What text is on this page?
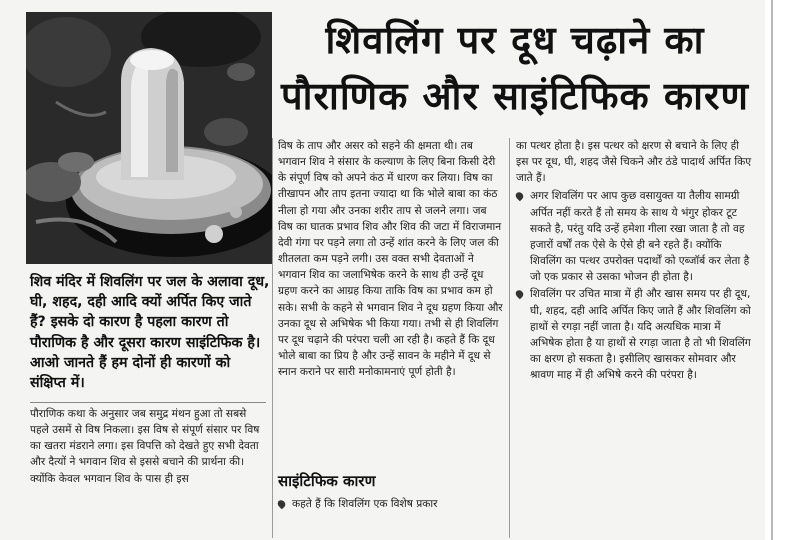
शिवलिंग पर दूध चढ़ाने का
पौराणिक और साइंटिफिक कारण
शिव मंदिर में शिवलिंग पर जल के अलावा दूध, घी, शहद, दही आदि क्यों अर्पित किए जाते हैं? इसके दो कारण है पहला कारण तो पौराणिक है और दूसरा कारण साइंटिफिक है। आओ जानते हैं हम दोनों ही कारणों को संक्षिप्त में।

पौराणिक कथा के अनुसार जब समुद्र मंथन हुआ तो सबसे पहले उसमें से विष निकला। इस विष से संपूर्ण संसार पर विष का खतरा मंडराने लगा। इस विपत्ति को देखते हुए सभी देवता और दैत्यों ने भगवान शिव से इससे बचाने की प्रार्थना की। क्योंकि केवल भगवान शिव के पास ही इस

विष के ताप और असर को सहने की क्षमता थी। तब भगवान शिव ने संसार के कल्याण के लिए बिना किसी देरी के संपूर्ण विष को अपने कंठ में धारण कर लिया। विष का तीखापन और ताप इतना ज्यादा था कि भोले बाबा का कंठ नीला हो गया और उनका शरीर ताप से जलने लगा। जब विष का घातक प्रभाव शिव और शिव की जटा में विराजमान देवी गंगा पर पड़ने लगा तो उन्हें शांत करने के लिए जल की शीतलता कम पड़ने लगी। उस वक्त सभी देवताओं ने भगवान शिव का जलाभिषेक करने के साथ ही उन्हें दूध ग्रहण करने का आग्रह किया ताकि विष का प्रभाव कम हो सके। सभी के कहने से भगवान शिव ने दूध ग्रहण किया और उनका दूध से अभिषेक भी किया गया। तभी से ही शिवलिंग पर दूध चढ़ाने की परंपरा चली आ रही है। कहते हैं कि दूध भोले बाबा का प्रिय है और उन्हें सावन के महीने में दूध से स्नान कराने पर सारी मनोकामनाएं पूर्ण होती है।

साइंटिफिक कारण
कहते हैं कि शिवलिंग एक विशेष प्रकार

का पत्थर होता है। इस पत्थर को क्षरण से बचाने के लिए ही इस पर दूध, घी, शहद जैसे चिकने और ठंडे पादार्थ अर्पित किए जाते हैं।

अगर शिवलिंग पर आप कुछ वसायुक्त या तैलीय सामग्री अर्पित नहीं करते हैं तो समय के साथ ये भंगुर होकर टूट सकते है, परंतु यदि उन्हें हमेशा गीला रखा जाता है तो वह हजारों वर्षों तक ऐसे के ऐसे ही बने रहते हैं। क्योंकि शिवलिंग का पत्थर उपरोक्त पदार्थों को एब्जॉर्ब कर लेता है जो एक प्रकार से उसका भोजन ही होता है।
शिवलिंग पर उचित मात्रा में ही और खास समय पर ही दूध, घी, शहद, दही आदि अर्पित किए जाते हैं और शिवलिंग को हाथों से रगड़ा नहीं जाता है। यदि अत्यधिक मात्रा में अभिषेक होता है या हाथों से रगड़ा जाता है तो भी शिवलिंग का क्षरण हो सकता है। इसीलिए खासकर सोमवार और श्रावण माह में ही अभिषे करने की परंपरा है।
